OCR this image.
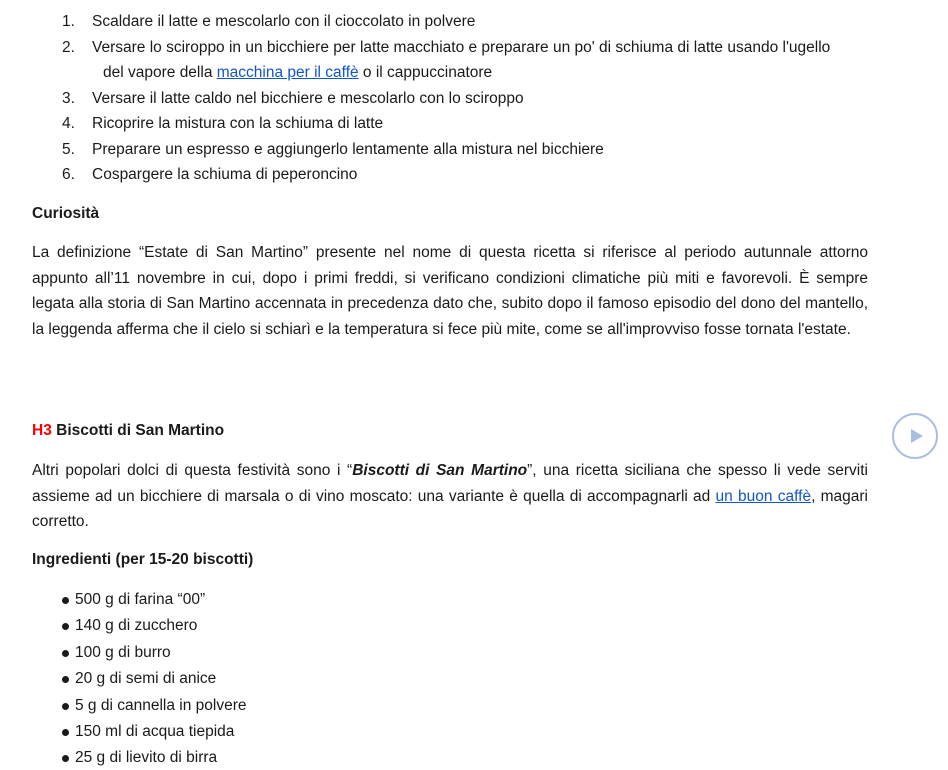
1.	Scaldare il latte e mescolarlo con il cioccolato in polvere
2.	Versare lo sciroppo in un bicchiere per latte macchiato e preparare un po' di schiuma di latte usando l'ugello
del vapore della macchina per il caffè o il cappuccinatore
3.	Versare il latte caldo nel bicchiere e mescolarlo con lo sciroppo
4.	Ricoprire la mistura con la schiuma di latte
5.	Preparare un espresso e aggiungerlo lentamente alla mistura nel bicchiere
6.	Cospargere la schiuma di peperoncino
Curiosità

La definizione “Estate di San Martino” presente nel nome di questa ricetta si riferisce al periodo autunnale attorno appunto all’11 novembre in cui, dopo i primi freddi, si verificano condizioni climatiche più miti e favorevoli. È sempre legata alla storia di San Martino accennata in precedenza dato che, subito dopo il famoso episodio del dono del mantello, la leggenda afferma che il cielo si schiarì e la temperatura si fece più mite, come se all'improvviso fosse tornata l'estate.

H3 Biscotti di San Martino

Altri popolari dolci di questa festività sono i “Biscotti di San Martino”, una ricetta siciliana che spesso li vede serviti assieme ad un bicchiere di marsala o di vino moscato: una variante è quella di accompagnarli ad un buon caffè, magari corretto.

Ingredienti (per 15-20 biscotti)
500 g di farina “00”
140 g di zucchero
100 g di burro
20 g di semi di anice
5 g di cannella in polvere
150 ml di acqua tiepida
25 g di lievito di birra
